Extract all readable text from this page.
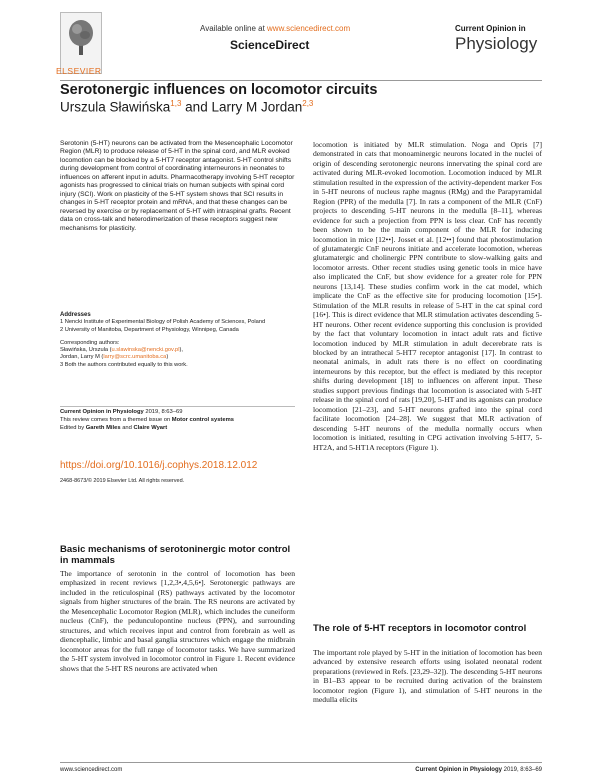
ELSEVIER
Available online at www.sciencedirect.com
ScienceDirect
Current Opinion in
Physiology
Serotonergic influences on locomotor circuits
Urszula Sławińska$^{1,3}$ and Larry M Jordan$^{2,3}$
Serotonin (5-HT) neurons can be activated from the Mesencephalic Locomotor Region (MLR) to produce release of 5-HT in the spinal cord, and MLR evoked locomotion can be blocked by a 5-HT7 receptor antagonist. 5-HT control shifts during development from control of coordinating interneurons in neonates to influences on afferent input in adults. Pharmacotherapy involving 5-HT receptor agonists has progressed to clinical trials on human subjects with spinal cord injury (SCI). Work on plasticity of the 5-HT system shows that SCI results in changes in 5-HT receptor protein and mRNA, and that these changes can be reversed by exercise or by replacement of 5-HT with intraspinal grafts. Recent data on cross-talk and heterodimerization of these receptors suggest new mechanisms for plasticity.
Addresses
1 Nencki Institute of Experimental Biology of Polish Academy of Sciences, Poland
2 University of Manitoba, Department of Physiology, Winnipeg, Canada
Corresponding authors:
Sławińska, Urszula (u.slawinska@nencki.gov.pl),
Jordan, Larry M (larry@scrc.umanitoba.ca)
3 Both the authors contributed equally to this work.
Current Opinion in Physiology 2019, 8:63–69
This review comes from a themed issue on Motor control systems
Edited by Gareth Miles and Claire Wyart
https://doi.org/10.1016/j.cophys.2018.12.012
2468-8673/© 2019 Elsevier Ltd. All rights reserved.
Basic mechanisms of serotoninergic motor control in mammals
The importance of serotonin in the control of locomotion has been emphasized in recent reviews [1,2,3•,4,5,6•]. Serotonergic pathways are included in the reticulospinal (RS) pathways activated by the locomotor signals from higher structures of the brain. The RS neurons are activated by the Mesencephalic Locomotor Region (MLR), which includes the cuneiform nucleus (CnF), the pedunculopontine nucleus (PPN), and surrounding structures, and which receives input and control from forebrain as well as diencephalic, limbic and basal ganglia structures which engage the midbrain locomotor areas for the full range of locomotor tasks. We have summarized the 5-HT system involved in locomotor control in Figure 1. Recent evidence shows that the 5-HT RS neurons are activated when
locomotion is initiated by MLR stimulation. Noga and Opris [7] demonstrated in cats that monoaminergic neurons located in the nuclei of origin of descending serotonergic neurons innervating the spinal cord are activated during MLR-evoked locomotion. Locomotion induced by MLR stimulation resulted in the expression of the activity-dependent marker Fos in 5-HT neurons of nucleus raphe magnus (RMg) and the Parapyramidal Region (PPR) of the medulla [7]. In rats a component of the MLR (CnF) projects to descending 5-HT neurons in the medulla [8–11], whereas evidence for such a projection from PPN is less clear. CnF has recently been shown to be the main component of the MLR for inducing locomotion in mice [12••]. Josset et al. [12••] found that photostimulation of glutamatergic CnF neurons initiate and accelerate locomotion, whereas glutamatergic and cholinergic PPN contribute to slow-walking gaits and locomotor arrests. Other recent studies using genetic tools in mice have also implicated the CnF, but show evidence for a greater role for PPN neurons [13,14]. These studies confirm work in the cat model, which implicate the CnF as the effective site for producing locomotion [15•]. Stimulation of the MLR results in release of 5-HT in the cat spinal cord [16•]. This is direct evidence that MLR stimulation activates descending 5-HT neurons. Other recent evidence supporting this conclusion is provided by the fact that voluntary locomotion in intact adult rats and fictive locomotion induced by MLR stimulation in adult decerebrate rats is blocked by an intrathecal 5-HT7 receptor antagonist [17]. In contrast to neonatal animals, in adult rats there is no effect on coordinating interneurons by this receptor, but the effect is mediated by this receptor shifts during development [18] to influences on afferent input. These studies support previous findings that locomotion is associated with 5-HT release in the spinal cord of rats [19,20], 5-HT and its agonists can produce locomotion [21–23], and 5-HT neurons grafted into the spinal cord facilitate locomotion [24–28]. We suggest that MLR activation of descending 5-HT neurons of the medulla normally occurs when locomotion is initiated, resulting in CPG activation involving 5-HT7, 5-HT2A, and 5-HT1A receptors (Figure 1).
The role of 5-HT receptors in locomotor control
The important role played by 5-HT in the initiation of locomotion has been advanced by extensive research efforts using isolated neonatal rodent preparations (reviewed in Refs. [23,29–32]). The descending 5-HT neurons in B1–B3 appear to be recruited during activation of the brainstem locomotor region (Figure 1), and stimulation of 5-HT neurons in the medulla elicits
www.sciencedirect.com	Current Opinion in Physiology 2019, 8:63–69
